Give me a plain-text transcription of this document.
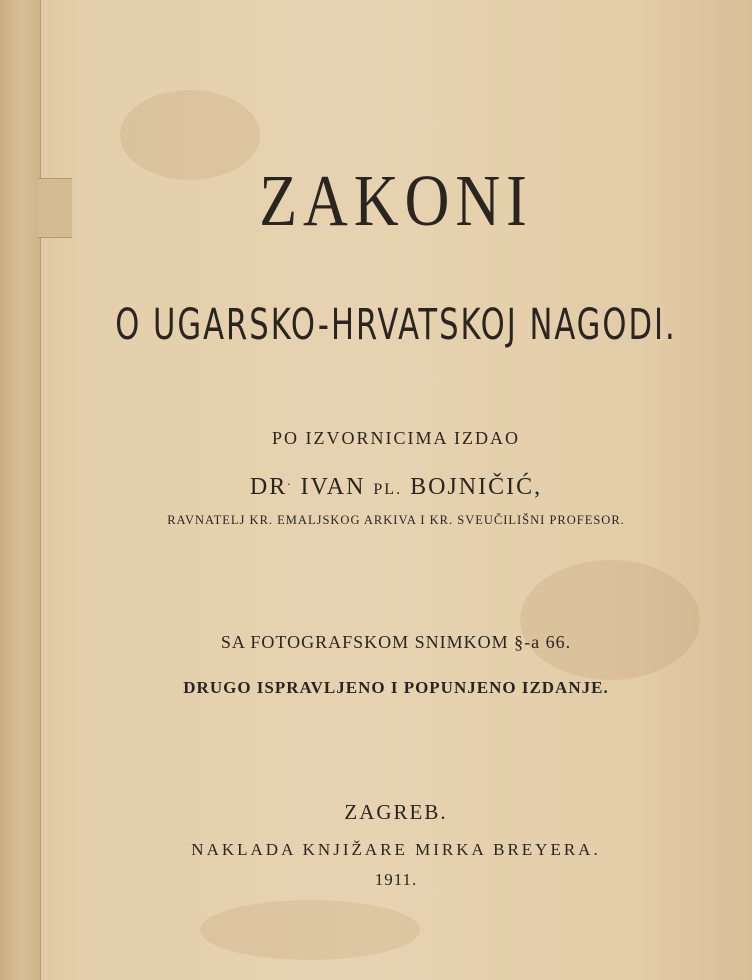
ZAKONI
O UGARSKO-HRVATSKOJ NAGODI.
PO IZVORNICIMA IZDAO
DR. IVAN PL. BOJNIČIĆ,
RAVNATELJ KR. EMALJSKOG ARKIVA I KR. SVEUČILIŠNI PROFESOR.
SA FOTOGRAFSKOM SNIMKOM §-a 66.
DRUGO ISPRAVLJENO I POPUNJENO IZDANJE.
ZAGREB.
NAKLADA KNJIŽARE MIRKA BREYERA.
1911.
